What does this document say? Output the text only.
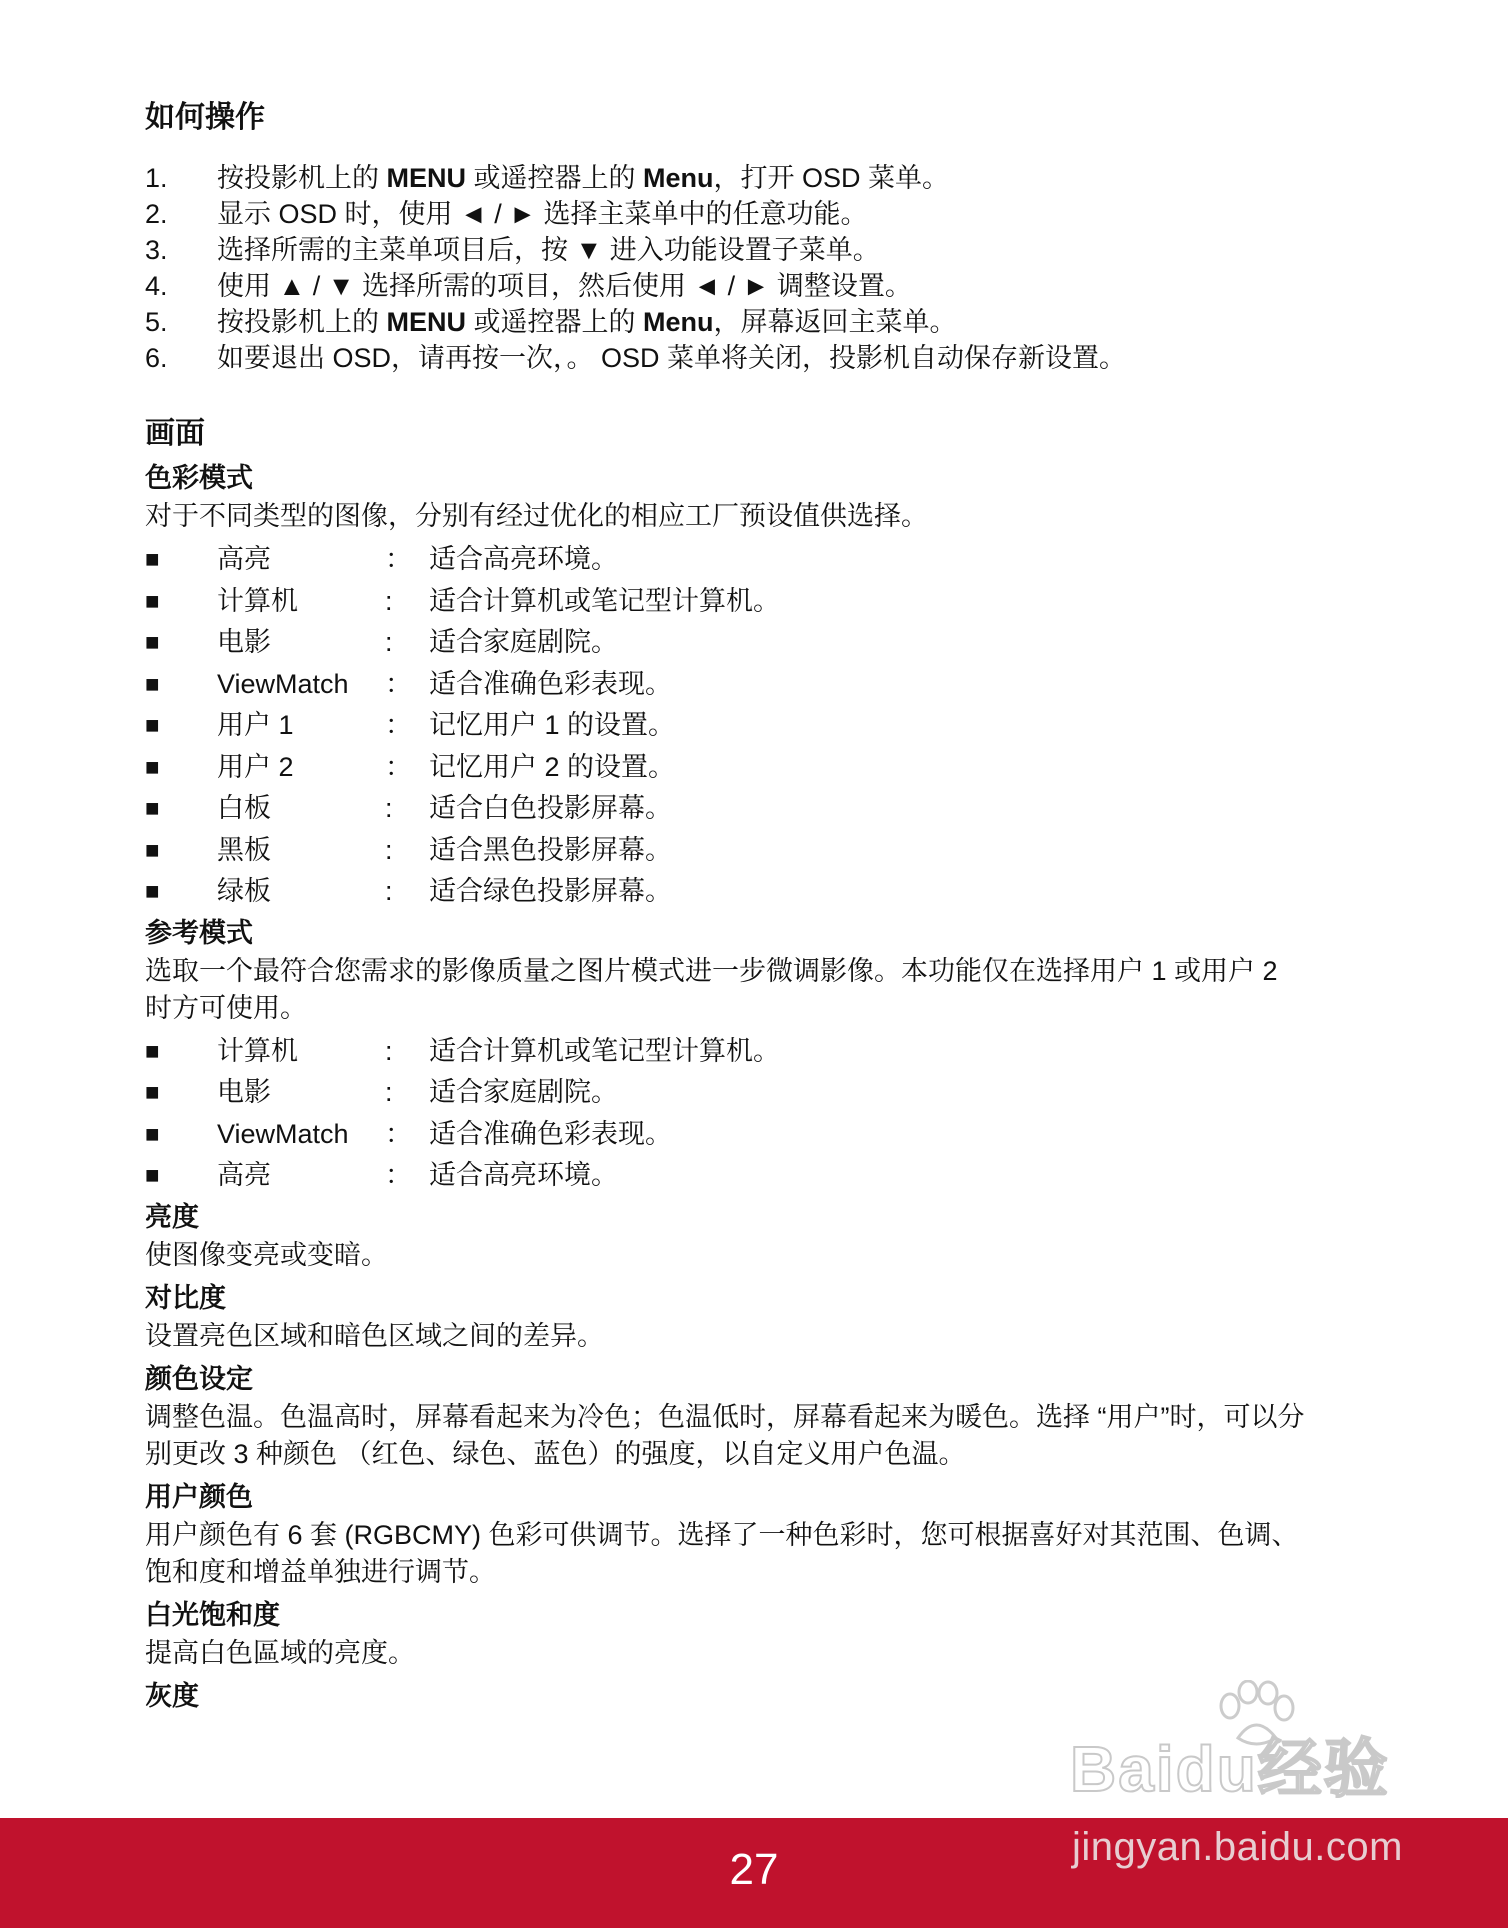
如何操作
1.	按投影机上的 MENU 或遥控器上的 Menu，打开 OSD 菜单。
2.	显示 OSD 时，使用 ◄ / ► 选择主菜单中的任意功能。
3.	选择所需的主菜单项目后，按 ▼ 进入功能设置子菜单。
4.	使用 ▲ / ▼ 选择所需的项目，然后使用 ◄ / ► 调整设置。
5.	按投影机上的 MENU 或遥控器上的 Menu，屏幕返回主菜单。
6.	如要退出 OSD，请再按一次，。 OSD 菜单将关闭，投影机自动保存新设置。
画面
色彩模式

对于不同类型的图像，分别有经过优化的相应工厂预设值供选择。

■	高亮	： 适合高亮环境。
■	计算机	:	适合计算机或笔记型计算机。
■	电影	:	适合家庭剧院。
■	ViewMatch	： 适合准确色彩表现。
■	用户 1	： 记忆用户 1 的设置。
■	用户 2	： 记忆用户 2 的设置。
■	白板	:	适合白色投影屏幕。
■	黑板	:	适合黑色投影屏幕。
■	绿板	:	适合绿色投影屏幕。
参考模式

选取一个最符合您需求的影像质量之图片模式进一步微调影像。本功能仅在选择用户 1 或用户 2 时方可使用。

■	计算机	:	适合计算机或笔记型计算机。
■	电影	:	适合家庭剧院。
■	ViewMatch	： 适合准确色彩表现。
■	高亮	： 适合高亮环境。
亮度

使图像变亮或变暗。

对比度

设置亮色区域和暗色区域之间的差异。

颜色设定

调整色温。色温高时，屏幕看起来为冷色；色温低时，屏幕看起来为暖色。选择 “用户”时，可以分别更改 3 种颜色 （红色、绿色、蓝色）的强度，以自定义用户色温。

用户颜色

用户颜色有 6 套 (RGBCMY) 色彩可供调节。选择了一种色彩时，您可根据喜好对其范围、色调、饱和度和增益单独进行调节。

白光饱和度

提高白色區域的亮度。

灰度
Baidu经验
27	jingyan.baidu.com
